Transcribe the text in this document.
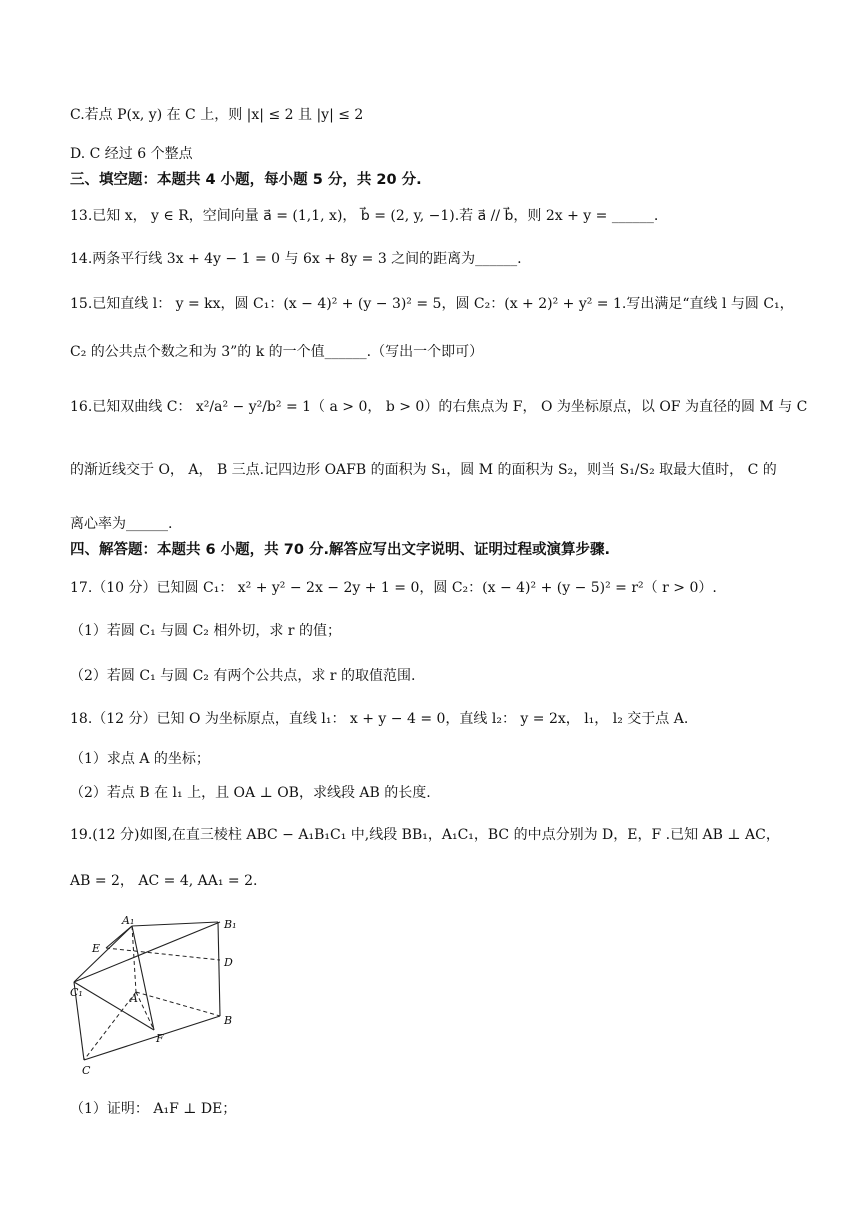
C.若点 P(x, y) 在 C 上，则 |x| ≤ 2 且 |y| ≤ 2
D. C 经过 6 个整点
三、填空题：本题共 4 小题，每小题 5 分，共 20 分.
13.已知 x， y ∈ R，空间向量 a⃗ = (1,1, x)， b⃗ = (2, y, −1).若 a⃗ // b⃗，则 2x + y = ______.
14.两条平行线 3x + 4y − 1 = 0 与 6x + 8y = 3 之间的距离为______.
15.已知直线 l： y = kx，圆 C₁：(x − 4)² + (y − 3)² = 5，圆 C₂：(x + 2)² + y² = 1.写出满足“直线 l 与圆 C₁，
C₂ 的公共点个数之和为 3”的 k 的一个值______.（写出一个即可）
16.已知双曲线 C： x²/a² − y²/b² = 1（ a > 0， b > 0）的右焦点为 F， O 为坐标原点，以 OF 为直径的圆 M 与 C
的渐近线交于 O， A， B 三点.记四边形 OAFB 的面积为 S₁，圆 M 的面积为 S₂，则当 S₁/S₂ 取最大值时， C 的
离心率为______.
四、解答题：本题共 6 小题，共 70 分.解答应写出文字说明、证明过程或演算步骤.
17.（10 分）已知圆 C₁： x² + y² − 2x − 2y + 1 = 0，圆 C₂：(x − 4)² + (y − 5)² = r²（ r > 0）.
（1）若圆 C₁ 与圆 C₂ 相外切，求 r 的值；
（2）若圆 C₁ 与圆 C₂ 有两个公共点，求 r 的取值范围.
18.（12 分）已知 O 为坐标原点，直线 l₁： x + y − 4 = 0，直线 l₂： y = 2x， l₁， l₂ 交于点 A.
（1）求点 A 的坐标；
（2）若点 B 在 l₁ 上，且 OA ⊥ OB，求线段 AB 的长度.
19.(12 分)如图,在直三棱柱 ABC − A₁B₁C₁ 中,线段 BB₁，A₁C₁，BC 的中点分别为 D，E，F .已知 AB ⊥ AC，
AB = 2， AC = 4, AA₁ = 2.
A₁	B₁
E
D
C₁	A
B
F
C
（1）证明： A₁F ⊥ DE；
